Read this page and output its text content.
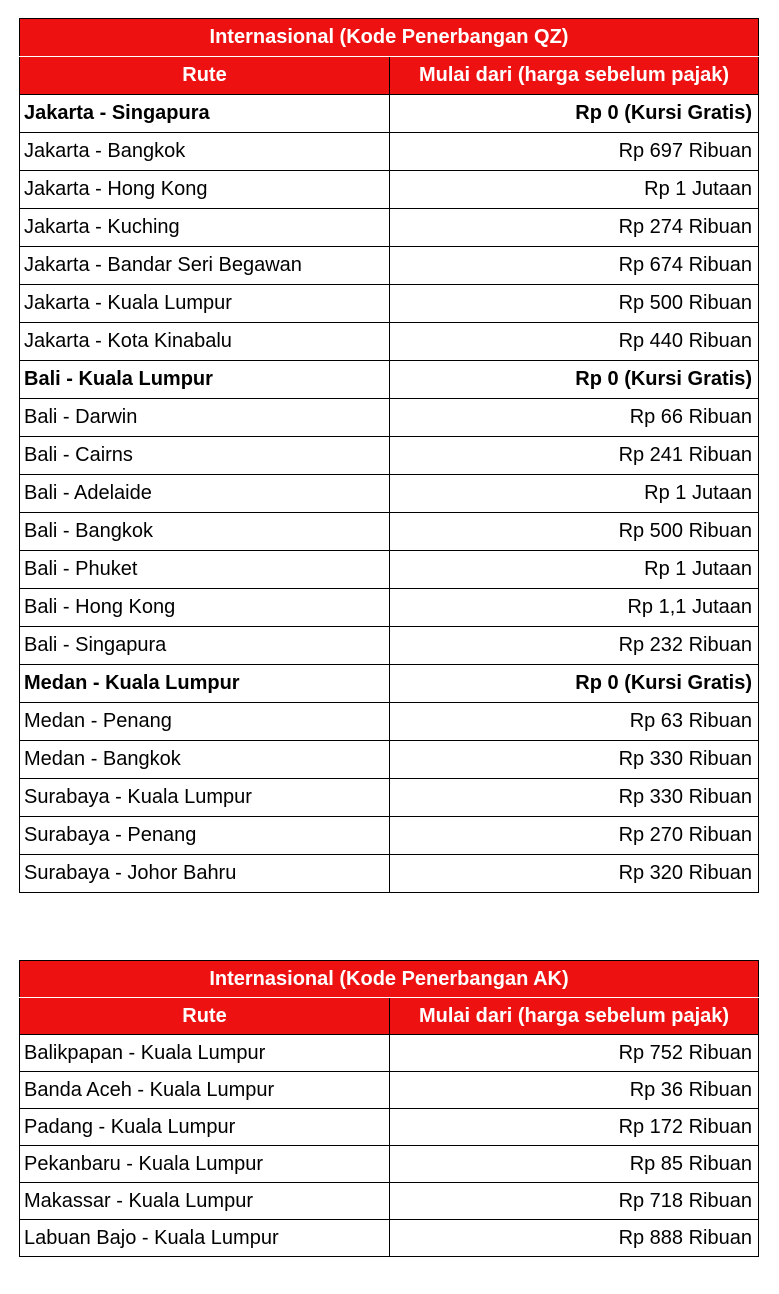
Internasional (Kode Penerbangan QZ)	
Rute	Mulai dari (harga sebelum pajak)
Jakarta - Singapura	Rp 0 (Kursi Gratis)
Jakarta - Bangkok	Rp 697 Ribuan
Jakarta - Hong Kong	Rp 1 Jutaan
Jakarta - Kuching	Rp 274 Ribuan
Jakarta - Bandar Seri Begawan	Rp 674 Ribuan
Jakarta - Kuala Lumpur	Rp 500 Ribuan
Jakarta - Kota Kinabalu	Rp 440 Ribuan
Bali - Kuala Lumpur	Rp 0 (Kursi Gratis)
Bali - Darwin	Rp 66 Ribuan
Bali - Cairns	Rp 241 Ribuan
Bali - Adelaide	Rp 1 Jutaan
Bali - Bangkok	Rp 500 Ribuan
Bali - Phuket	Rp 1 Jutaan
Bali - Hong Kong	Rp 1,1 Jutaan
Bali - Singapura	Rp 232 Ribuan
Medan - Kuala Lumpur	Rp 0 (Kursi Gratis)
Medan - Penang	Rp 63 Ribuan
Medan - Bangkok	Rp 330 Ribuan
Surabaya - Kuala Lumpur	Rp 330 Ribuan
Surabaya - Penang	Rp 270 Ribuan
Surabaya - Johor Bahru	Rp 320 Ribuan
Internasional (Kode Penerbangan AK)	
Rute	Mulai dari (harga sebelum pajak)
Balikpapan - Kuala Lumpur	Rp 752 Ribuan
Banda Aceh - Kuala Lumpur	Rp 36 Ribuan
Padang - Kuala Lumpur	Rp 172 Ribuan
Pekanbaru - Kuala Lumpur	Rp 85 Ribuan
Makassar - Kuala Lumpur	Rp 718 Ribuan
Labuan Bajo - Kuala Lumpur	Rp 888 Ribuan
